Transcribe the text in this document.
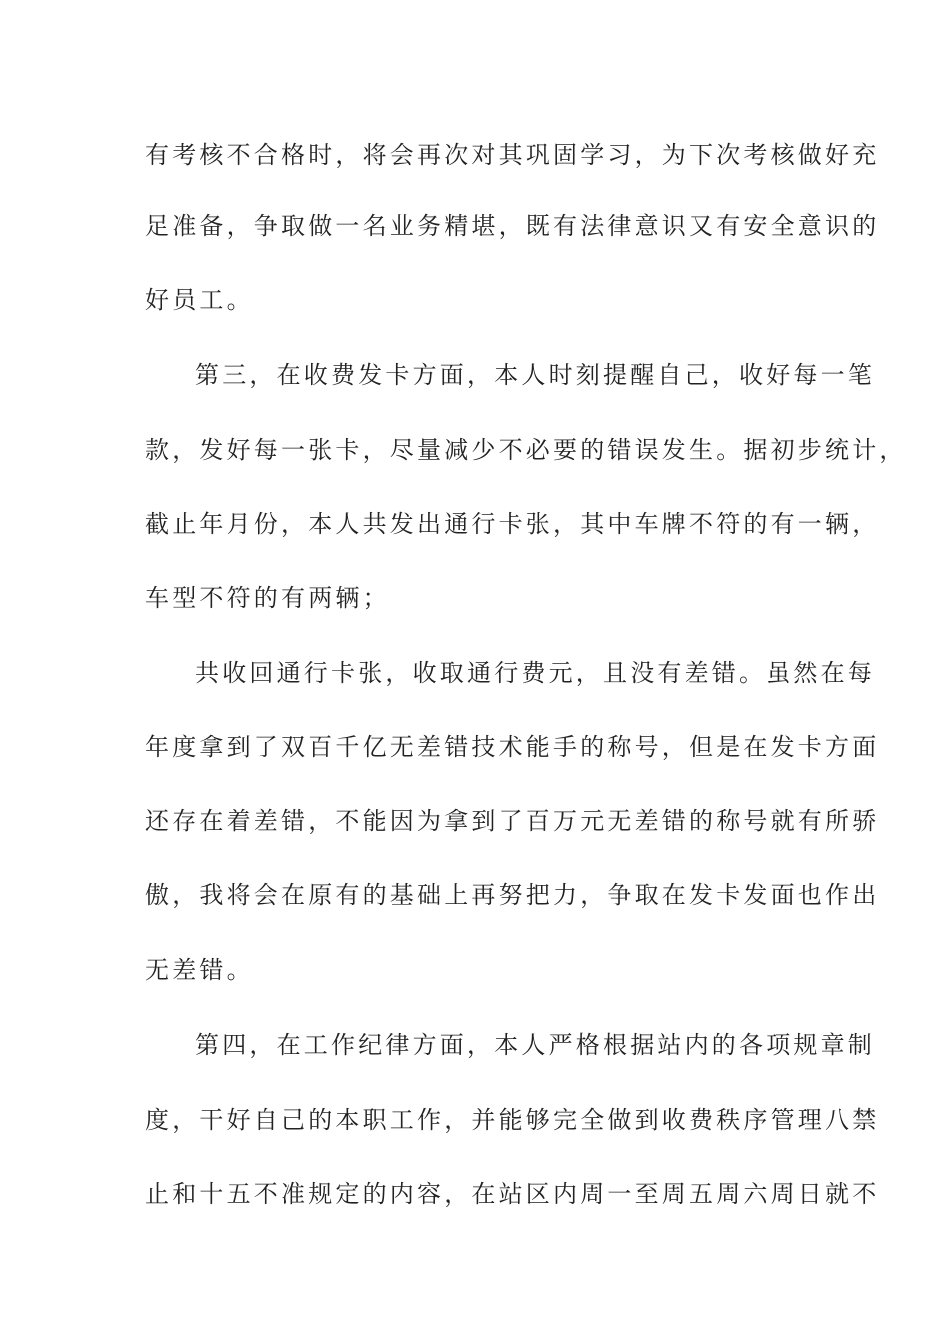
有考核不合格时，将会再次对其巩固学习，为下次考核做好充
足准备，争取做一名业务精堪，既有法律意识又有安全意识的
好员工。
第三，在收费发卡方面，本人时刻提醒自己，收好每一笔
款，发好每一张卡，尽量减少不必要的错误发生。据初步统计，
截止年月份，本人共发出通行卡张，其中车牌不符的有一辆，
车型不符的有两辆；
共收回通行卡张，收取通行费元，且没有差错。虽然在每
年度拿到了双百千亿无差错技术能手的称号，但是在发卡方面
还存在着差错，不能因为拿到了百万元无差错的称号就有所骄
傲，我将会在原有的基础上再努把力，争取在发卡发面也作出
无差错。
第四，在工作纪律方面，本人严格根据站内的各项规章制
度，干好自己的本职工作，并能够完全做到收费秩序管理八禁
止和十五不准规定的内容，在站区内周一至周五周六周日就不
